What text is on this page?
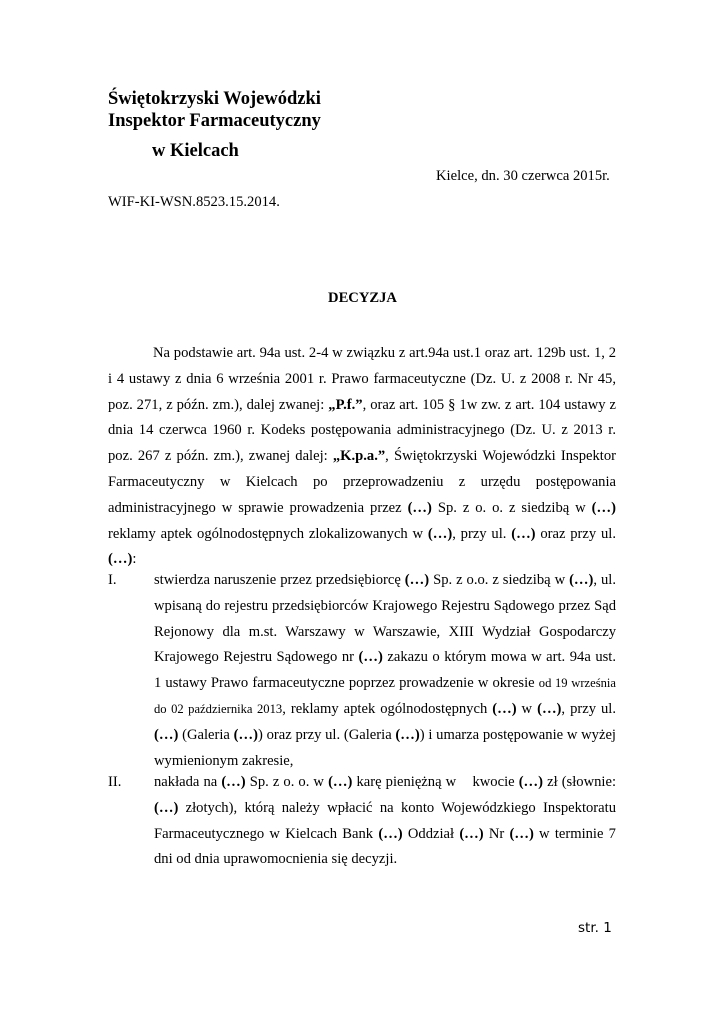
Świętokrzyski Wojewódzki
Inspektor Farmaceutyczny
w Kielcach
Kielce, dn. 30 czerwca 2015r.
WIF-KI-WSN.8523.15.2014.
DECYZJA

Na podstawie art. 94a ust. 2-4 w związku z art.94a ust.1 oraz art. 129b ust. 1, 2 i 4 ustawy z dnia 6 września 2001 r. Prawo farmaceutyczne (Dz. U. z 2008 r. Nr 45, poz. 271, z późn. zm.), dalej zwanej: „P.f.”, oraz art. 105 § 1w zw. z art. 104 ustawy z dnia 14 czerwca 1960 r. Kodeks postępowania administracyjnego (Dz. U. z 2013 r. poz. 267 z późn. zm.), zwanej dalej: „K.p.a.”, Świętokrzyski Wojewódzki Inspektor Farmaceutyczny w Kielcach po przeprowadzeniu z urzędu postępowania administracyjnego w sprawie prowadzenia przez (…) Sp. z o. o. z siedzibą w (…) reklamy aptek ogólnodostępnych zlokalizowanych w (…), przy ul. (…) oraz przy ul. (…):

I.	stwierdza naruszenie przez przedsiębiorcę (…) Sp. z o.o. z siedzibą w (…), ul. wpisaną do rejestru przedsiębiorców Krajowego Rejestru Sądowego przez Sąd Rejonowy dla m.st. Warszawy w Warszawie, XIII Wydział Gospodarczy Krajowego Rejestru Sądowego nr (…) zakazu o którym mowa w art. 94a ust. 1 ustawy Prawo farmaceutyczne poprzez prowadzenie w okresie od 19 września do 02 października 2013, reklamy aptek ogólnodostępnych (…) w (…), przy ul. (…) (Galeria (…)) oraz przy ul. (Galeria (…)) i umarza postępowanie w wyżej wymienionym zakresie,

II. nakłada na (…) Sp. z o. o. w (…) karę pieniężną w    kwocie (…) zł (słownie: (…) złotych), którą należy wpłacić na konto Wojewódzkiego Inspektoratu Farmaceutycznego w Kielcach Bank (…) Oddział (…) Nr (…) w terminie 7 dni od dnia uprawomocnienia się decyzji.

str. 1
